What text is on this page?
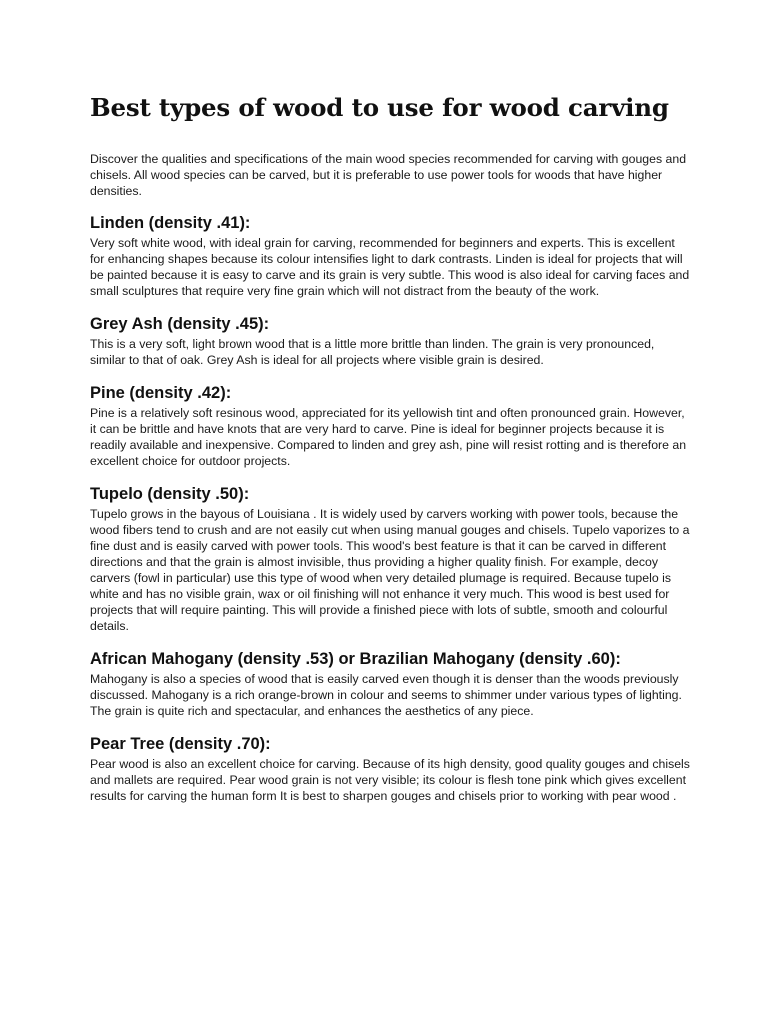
Best types of wood to use for wood carving

Discover the qualities and specifications of the main wood species recommended for carving with gouges and chisels. All wood species can be carved, but it is preferable to use power tools for woods that have higher densities.

Linden (density .41):

Very soft white wood, with ideal grain for carving, recommended for beginners and experts. This is excellent for enhancing shapes because its colour intensifies light to dark contrasts. Linden is ideal for projects that will be painted because it is easy to carve and its grain is very subtle. This wood is also ideal for carving faces and small sculptures that require very fine grain which will not distract from the beauty of the work.

Grey Ash (density .45):

This is a very soft, light brown wood that is a little more brittle than linden. The grain is very pronounced, similar to that of oak. Grey Ash is ideal for all projects where visible grain is desired.

Pine (density .42):

Pine is a relatively soft resinous wood, appreciated for its yellowish tint and often pronounced grain. However, it can be brittle and have knots that are very hard to carve. Pine is ideal for beginner projects because it is readily available and inexpensive. Compared to linden and grey ash, pine will resist rotting and is therefore an excellent choice for outdoor projects.

Tupelo (density .50):

Tupelo grows in the bayous of Louisiana . It is widely used by carvers working with power tools, because the wood fibers tend to crush and are not easily cut when using manual gouges and chisels. Tupelo vaporizes to a fine dust and is easily carved with power tools. This wood's best feature is that it can be carved in different directions and that the grain is almost invisible, thus providing a higher quality finish. For example, decoy carvers (fowl in particular) use this type of wood when very detailed plumage is required. Because tupelo is white and has no visible grain, wax or oil finishing will not enhance it very much. This wood is best used for projects that will require painting. This will provide a finished piece with lots of subtle, smooth and colourful details.

African Mahogany (density .53) or Brazilian Mahogany (density .60):

Mahogany is also a species of wood that is easily carved even though it is denser than the woods previously discussed. Mahogany is a rich orange-brown in colour and seems to shimmer under various types of lighting. The grain is quite rich and spectacular, and enhances the aesthetics of any piece.

Pear Tree (density .70):

Pear wood is also an excellent choice for carving. Because of its high density, good quality gouges and chisels and mallets are required. Pear wood grain is not very visible; its colour is flesh tone pink which gives excellent results for carving the human form It is best to sharpen gouges and chisels prior to working with pear wood .
